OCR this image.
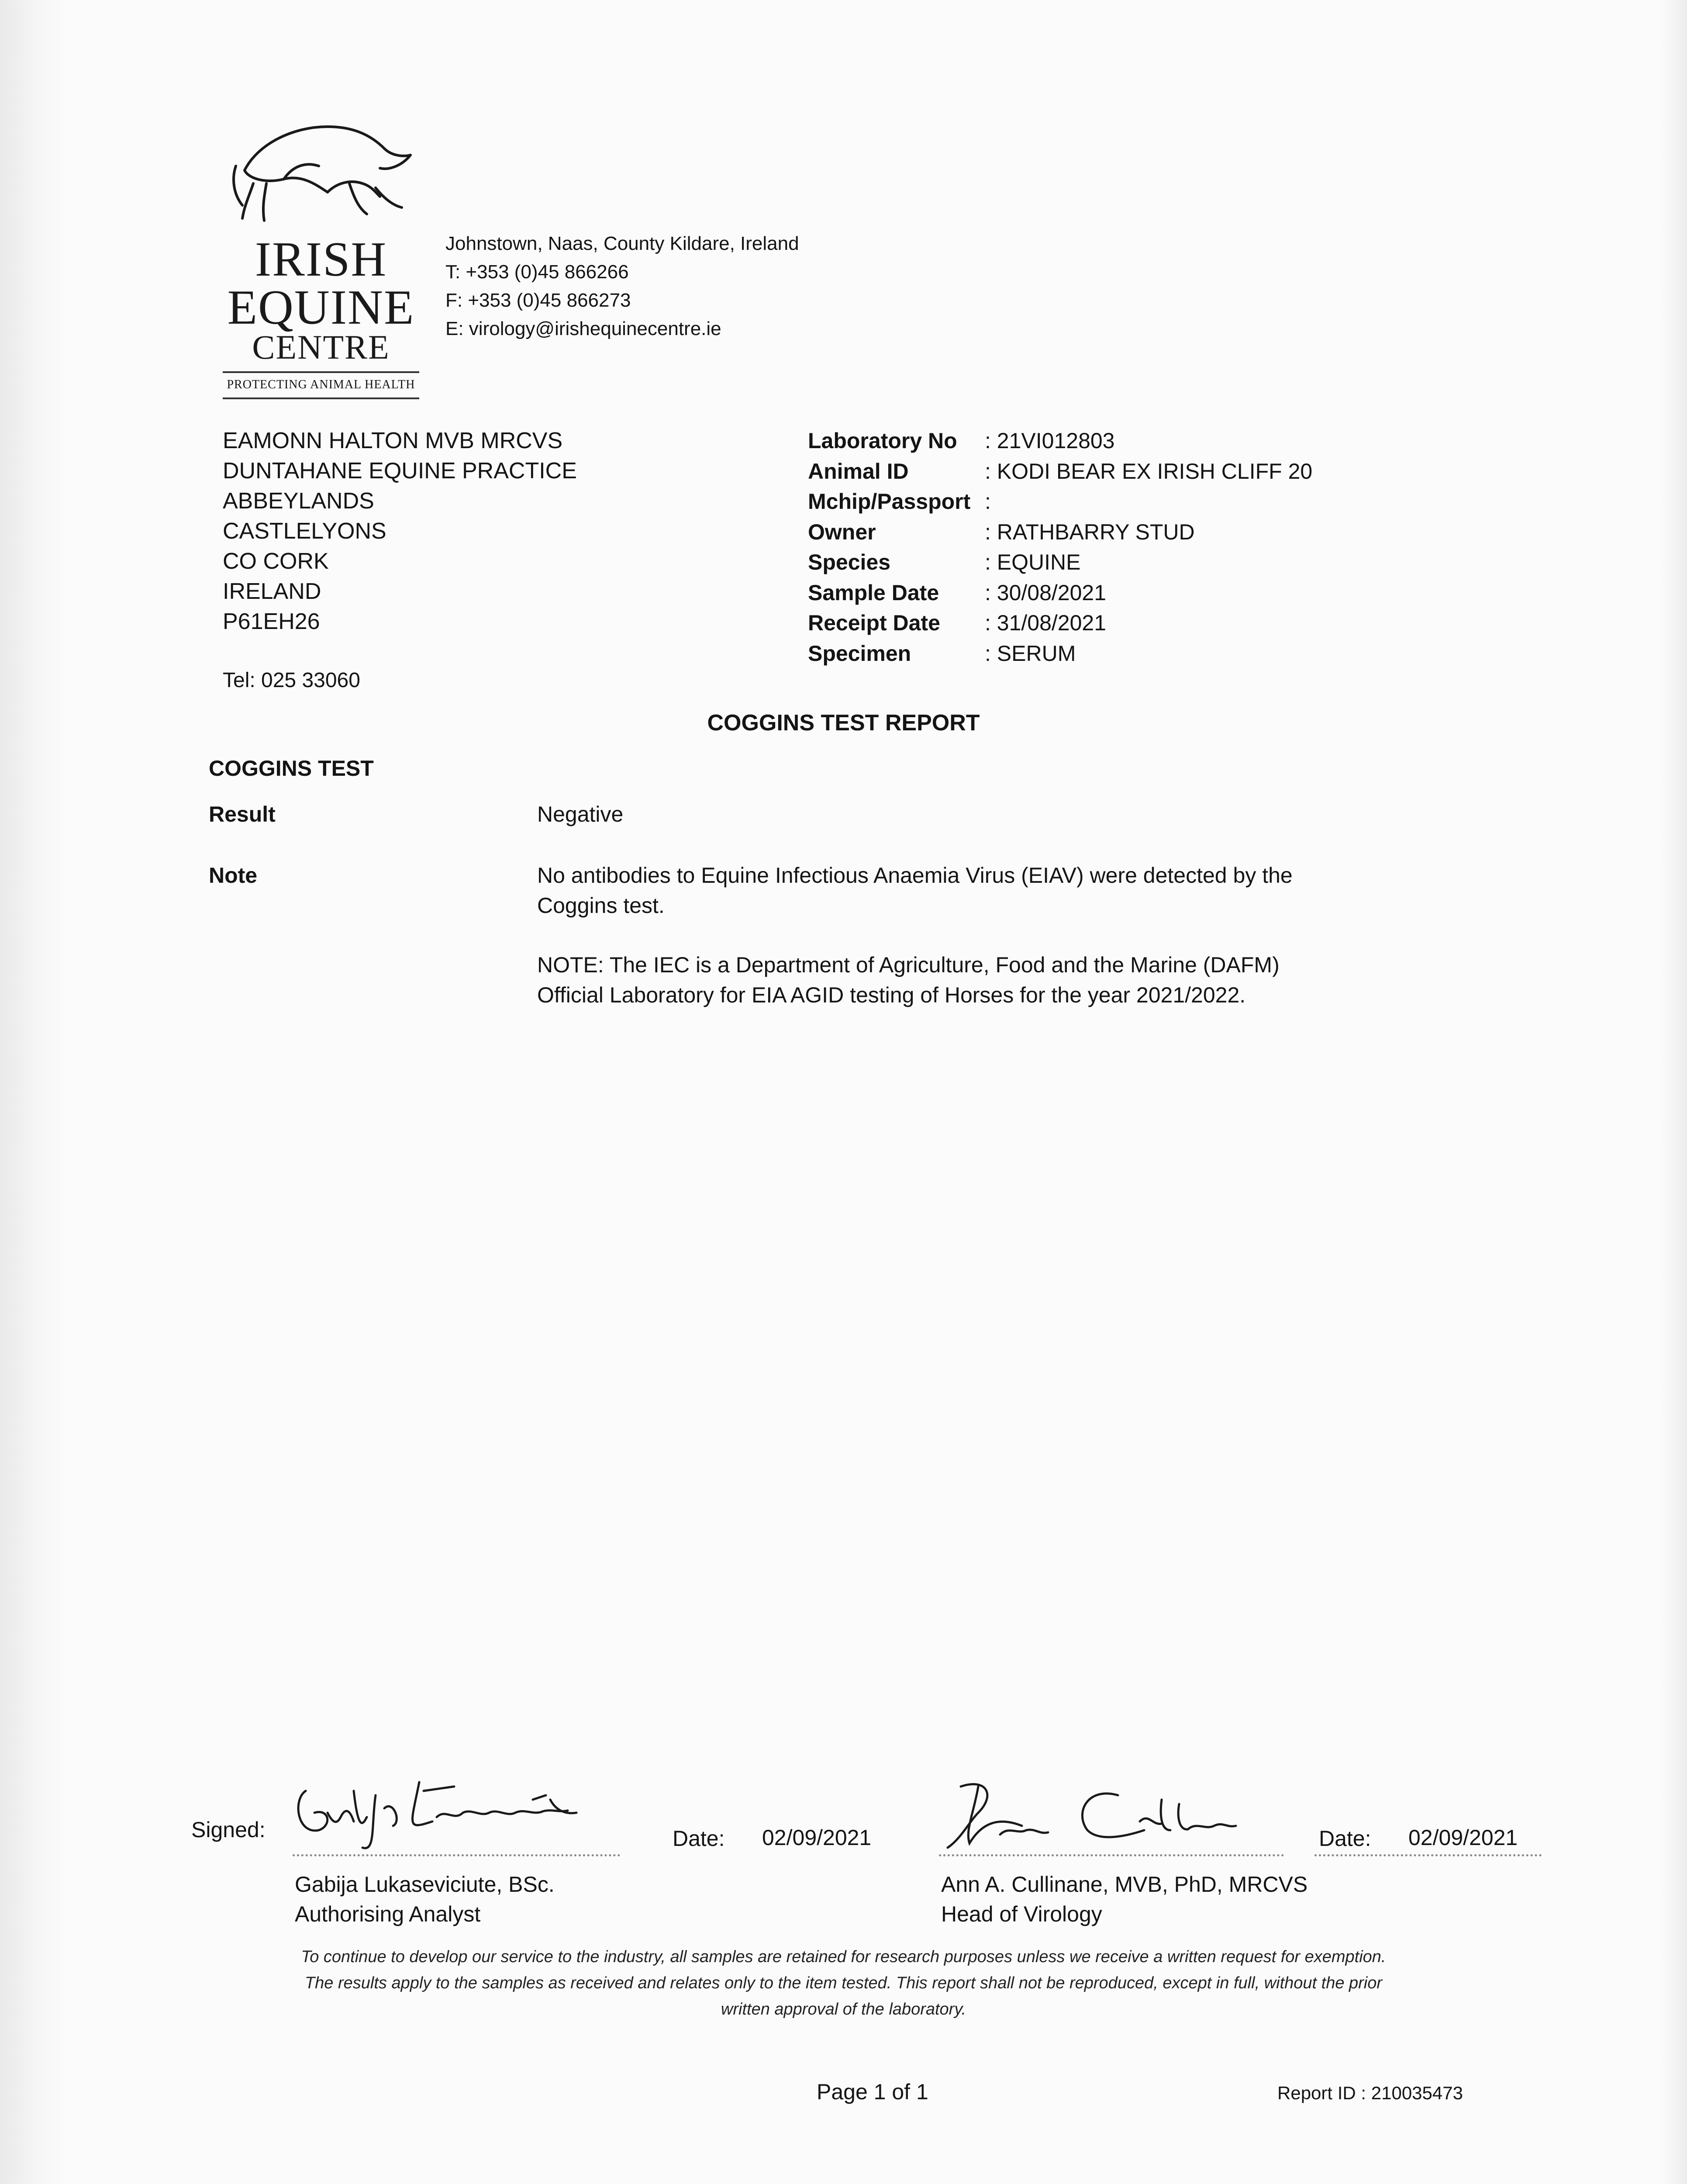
IRISH
EQUINE
CENTRE
PROTECTING ANIMAL HEALTH
Johnstown, Naas, County Kildare, Ireland
T: +353 (0)45 866266
F: +353 (0)45 866273
E: virology@irishequinecentre.ie
EAMONN HALTON MVB MRCVS
DUNTAHANE EQUINE PRACTICE
ABBEYLANDS
CASTLELYONS
CO CORK
IRELAND
P61EH26
Tel: 025 33060
Laboratory No	: 21VI012803
Animal ID	: KODI BEAR EX IRISH CLIFF 20
Mchip/Passport :
Owner	: RATHBARRY STUD
Species	: EQUINE
Sample Date	: 30/08/2021
Receipt Date	: 31/08/2021
Specimen	: SERUM
COGGINS TEST REPORT
COGGINS TEST
Result	Negative
Note	No antibodies to Equine Infectious Anaemia Virus (EIAV) were detected by the Coggins test.
NOTE: The IEC is a Department of Agriculture, Food and the Marine (DAFM) Official Laboratory for EIA AGID testing of Horses for the year 2021/2022.
Signed:	Date: 02/09/2021
Gabija Lukaseviciute, BSc.
Authorising Analyst
Date: 02/09/2021
Ann A. Cullinane, MVB, PhD, MRCVS
Head of Virology
To continue to develop our service to the industry, all samples are retained for research purposes unless we receive a written request for exemption.
The results apply to the samples as received and relates only to the item tested. This report shall not be reproduced, except in full, without the prior
written approval of the laboratory.
Page 1 of 1	Report ID : 210035473
